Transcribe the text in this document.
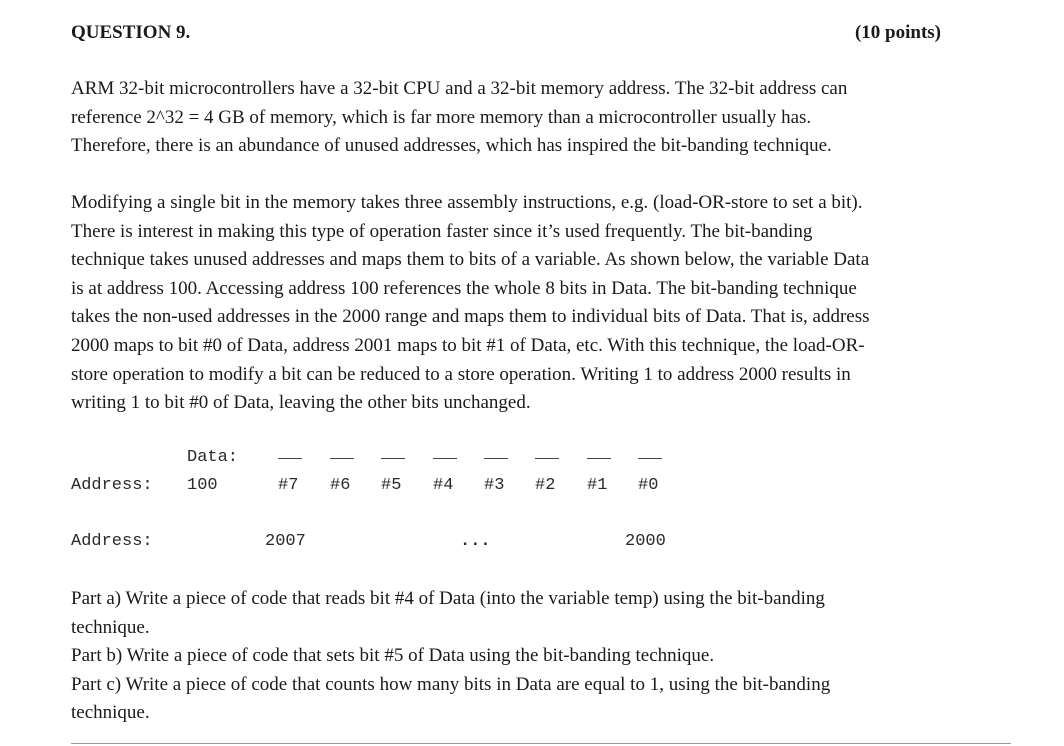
QUESTION 9.	(10 points)
ARM 32-bit microcontrollers have a 32-bit CPU and a 32-bit memory address. The 32-bit address can
reference 2^32 = 4 GB of memory, which is far more memory than a microcontroller usually has.
Therefore, there is an abundance of unused addresses, which has inspired the bit-banding technique.
Modifying a single bit in the memory takes three assembly instructions, e.g. (load-OR-store to set a bit).
There is interest in making this type of operation faster since it’s used frequently. The bit-banding
technique takes unused addresses and maps them to bits of a variable. As shown below, the variable Data
is at address 100. Accessing address 100 references the whole 8 bits in Data. The bit-banding technique
takes the non-used addresses in the 2000 range and maps them to individual bits of Data. That is, address
2000 maps to bit #0 of Data, address 2001 maps to bit #1 of Data, etc. With this technique, the load-OR-
store operation to modify a bit can be reduced to a store operation. Writing 1 to address 2000 results in
writing 1 to bit #0 of Data, leaving the other bits unchanged.
Data:
Address: 100	#7 #6 #5 #4 #3 #2 #1 #0
Address:	2007	...	2000
Part a) Write a piece of code that reads bit #4 of Data (into the variable temp) using the bit-banding
technique.
Part b) Write a piece of code that sets bit #5 of Data using the bit-banding technique.
Part c) Write a piece of code that counts how many bits in Data are equal to 1, using the bit-banding
technique.
